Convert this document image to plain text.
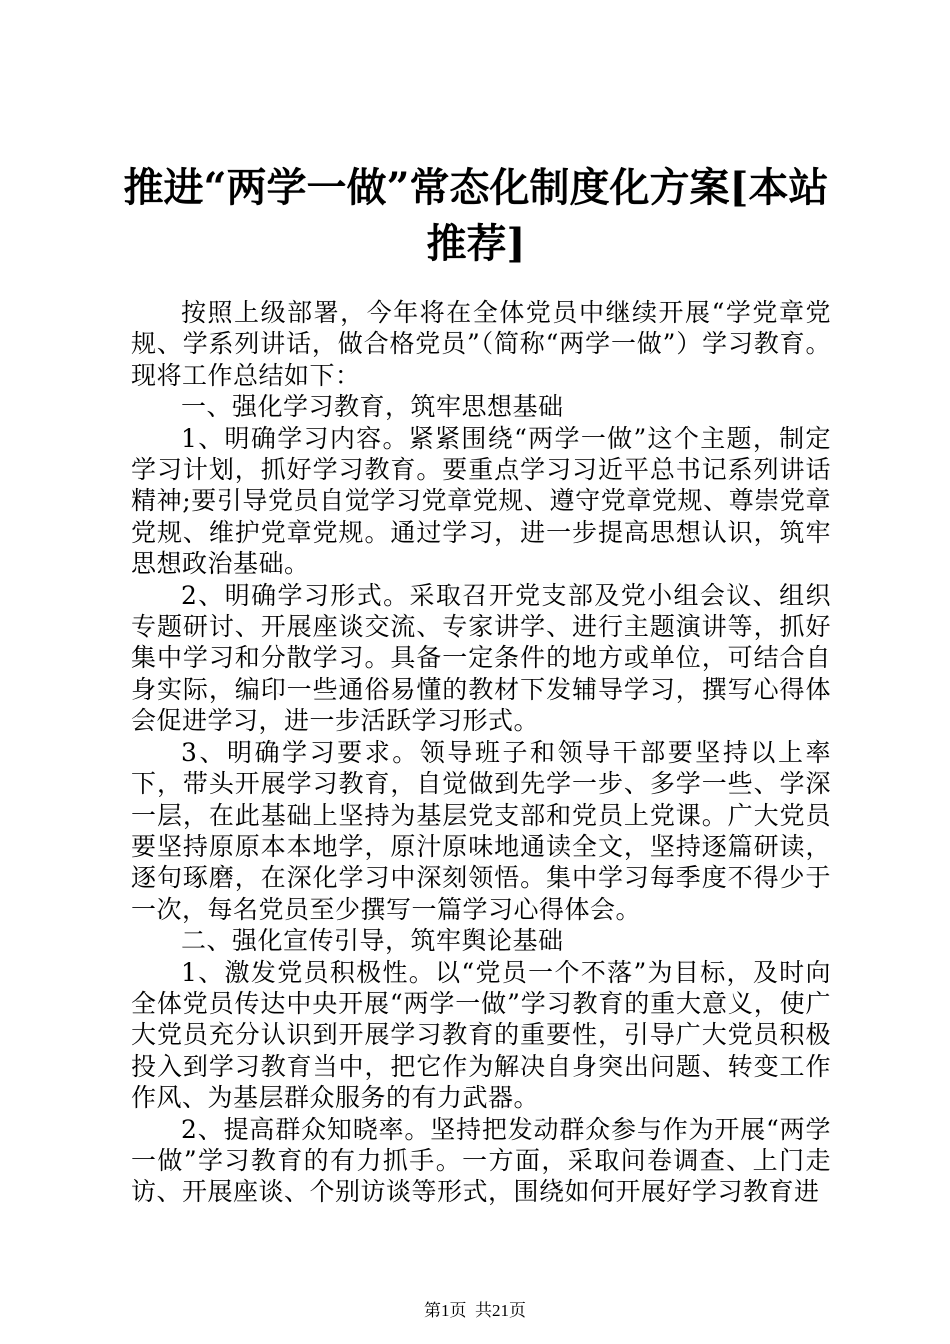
推进“两学一做”常态化制度化方案[本站推荐]

按照上级部署，今年将在全体党员中继续开展“学党章党规、学系列讲话，做合格党员”（简称“两学一做”）学习教育。现将工作总结如下：

一、强化学习教育，筑牢思想基础

1、明确学习内容。紧紧围绕“两学一做”这个主题，制定学习计划，抓好学习教育。要重点学习习近平总书记系列讲话精神;要引导党员自觉学习党章党规、遵守党章党规、尊崇党章党规、维护党章党规。通过学习，进一步提高思想认识，筑牢思想政治基础。

2、明确学习形式。采取召开党支部及党小组会议、组织专题研讨、开展座谈交流、专家讲学、进行主题演讲等，抓好集中学习和分散学习。具备一定条件的地方或单位，可结合自身实际，编印一些通俗易懂的教材下发辅导学习，撰写心得体会促进学习，进一步活跃学习形式。

3、明确学习要求。领导班子和领导干部要坚持以上率下，带头开展学习教育，自觉做到先学一步、多学一些、学深一层，在此基础上坚持为基层党支部和党员上党课。广大党员要坚持原原本本地学，原汁原味地通读全文，坚持逐篇研读，逐句琢磨，在深化学习中深刻领悟。集中学习每季度不得少于一次，每名党员至少撰写一篇学习心得体会。

二、强化宣传引导，筑牢舆论基础

1、激发党员积极性。以“党员一个不落”为目标，及时向全体党员传达中央开展“两学一做”学习教育的重大意义，使广大党员充分认识到开展学习教育的重要性，引导广大党员积极投入到学习教育当中，把它作为解决自身突出问题、转变工作作风、为基层群众服务的有力武器。

2、提高群众知晓率。坚持把发动群众参与作为开展“两学一做”学习教育的有力抓手。一方面，采取问卷调查、上门走访、开展座谈、个别访谈等形式，围绕如何开展好学习教育进

第1页 共21页
